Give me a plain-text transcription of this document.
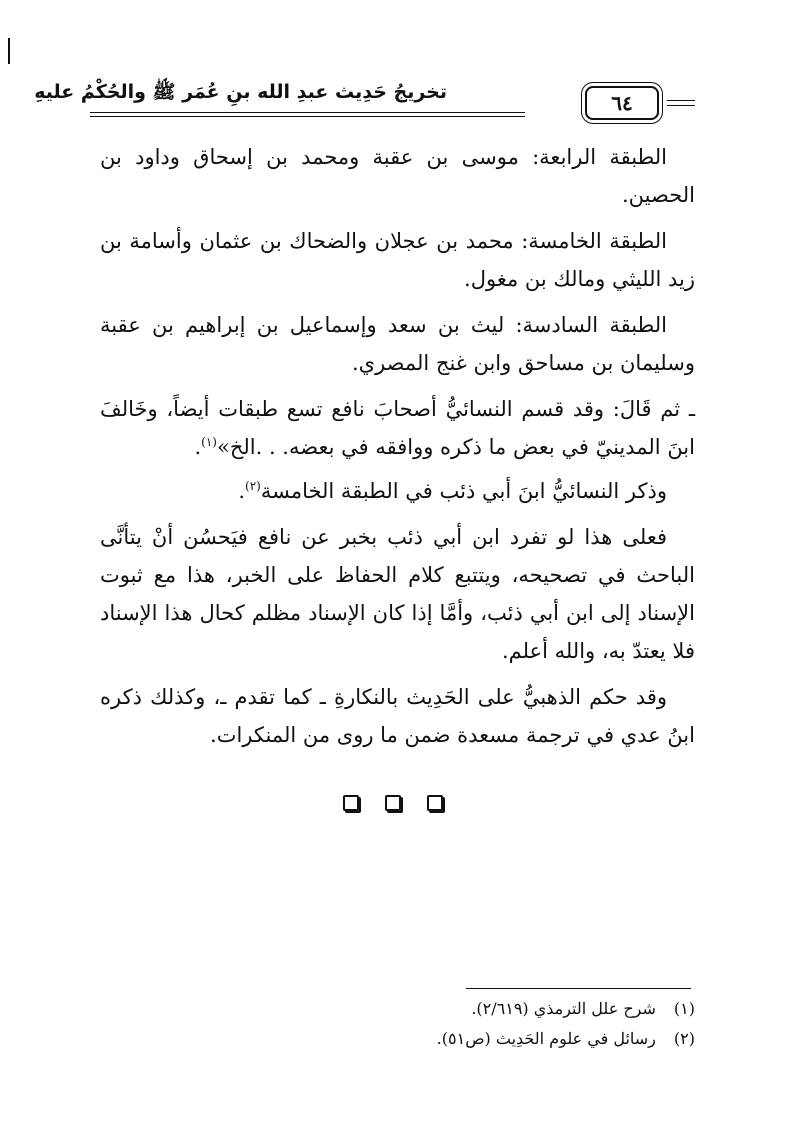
تخريجُ حَدِيث عبدِ الله بنِ عُمَر ﷺ والحُكْمُ عليهِ	٦٤

الطبقة الرابعة: موسى بن عقبة ومحمد بن إسحاق وداود بن الحصين.

الطبقة الخامسة: محمد بن عجلان والضحاك بن عثمان وأسامة بن زيد الليثي ومالك بن مغول.

الطبقة السادسة: ليث بن سعد وإسماعيل بن إبراهيم بن عقبة وسليمان بن مساحق وابن غنج المصري.

ـ ثم قَالَ: وقد قسم النسائيُّ أصحابَ نافع تسع طبقات أيضاً، وخَالفَ ابنَ المدينيّ في بعض ما ذكره ووافقه في بعضه. . .الخ»$^{(١)}$.

وذكر النسائيُّ ابنَ أبي ذئب في الطبقة الخامسة$^{(٢)}$.

فعلى هذا لو تفرد ابن أبي ذئب بخبر عن نافع فيَحسُن أنْ يتأنَّى الباحث في تصحيحه، ويتتبع كلام الحفاظ على الخبر، هذا مع ثبوت الإسناد إلى ابن أبي ذئب، وأمَّا إذا كان الإسناد مظلم كحال هذا الإسناد فلا يعتدّ به، والله أعلم.

وقد حكم الذهبيُّ على الحَدِيث بالنكارةِ ـ كما تقدم ـ، وكذلك ذكره ابنُ عدي في ترجمة مسعدة ضمن ما روى من المنكرات.

(١) شرح علل الترمذي (٢/٦١٩).
(٢) رسائل في علوم الحَدِيث (ص٥١).
